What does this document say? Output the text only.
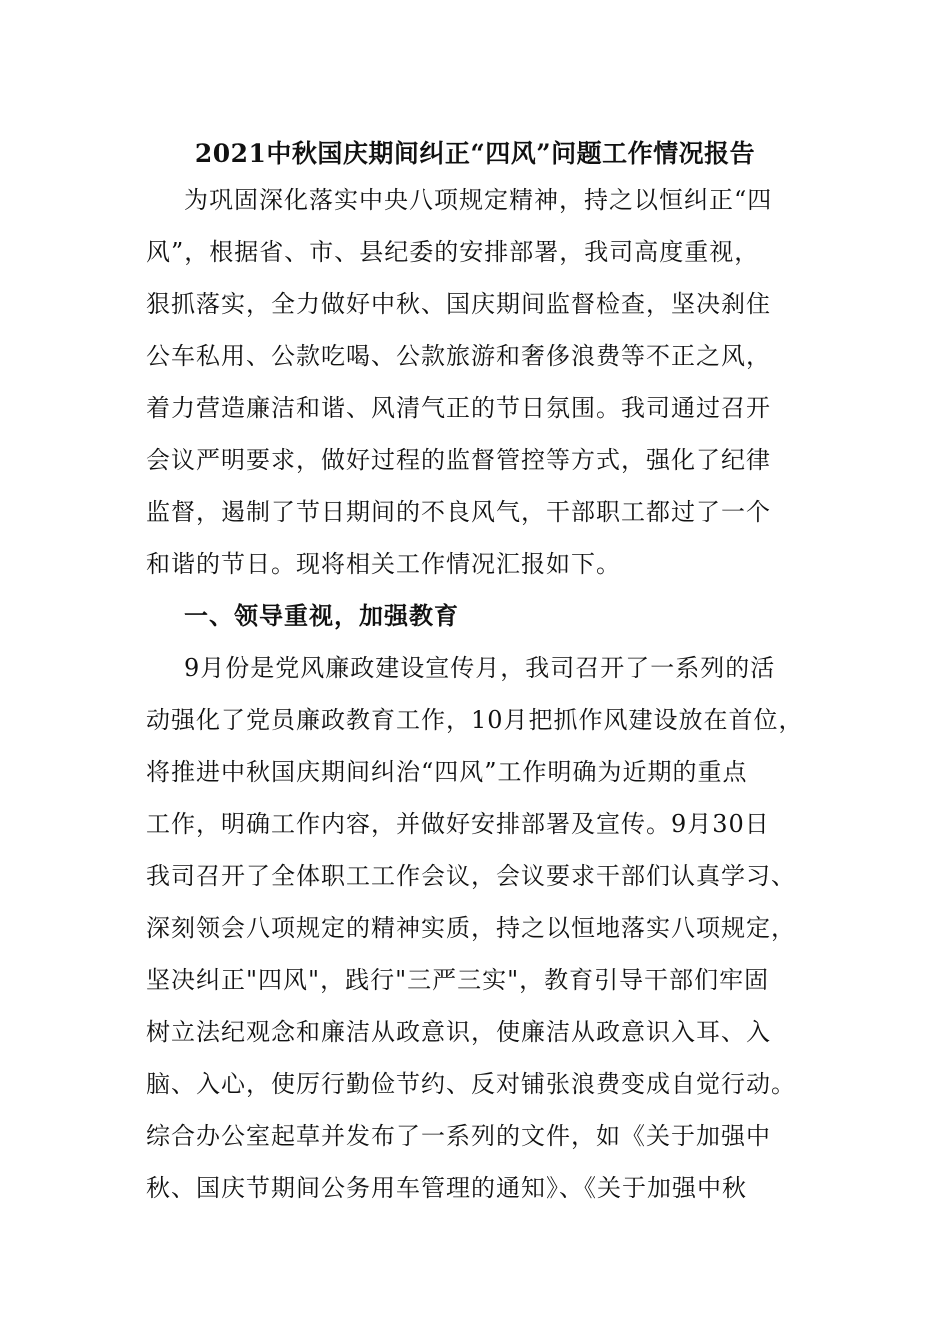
2021中秋国庆期间纠正“四风”问题工作情况报告
为巩固深化落实中央八项规定精神，持之以恒纠正“四
风”，根据省、市、县纪委的安排部署，我司高度重视，
狠抓落实，全力做好中秋、国庆期间监督检查，坚决刹住
公车私用、公款吃喝、公款旅游和奢侈浪费等不正之风，
着力营造廉洁和谐、风清气正的节日氛围。我司通过召开
会议严明要求，做好过程的监督管控等方式，强化了纪律
监督，遏制了节日期间的不良风气，干部职工都过了一个
和谐的节日。现将相关工作情况汇报如下。
一、领导重视，加强教育
9月份是党风廉政建设宣传月，我司召开了一系列的活
动强化了党员廉政教育工作，10月把抓作风建设放在首位，
将推进中秋国庆期间纠治“四风”工作明确为近期的重点
工作，明确工作内容，并做好安排部署及宣传。9月30日
我司召开了全体职工工作会议，会议要求干部们认真学习、
深刻领会八项规定的精神实质，持之以恒地落实八项规定，
坚决纠正"四风"，践行"三严三实"，教育引导干部们牢固
树立法纪观念和廉洁从政意识，使廉洁从政意识入耳、入
脑、入心，使厉行勤俭节约、反对铺张浪费变成自觉行动。
综合办公室起草并发布了一系列的文件，如《关于加强中
秋、国庆节期间公务用车管理的通知》、《关于加强中秋
